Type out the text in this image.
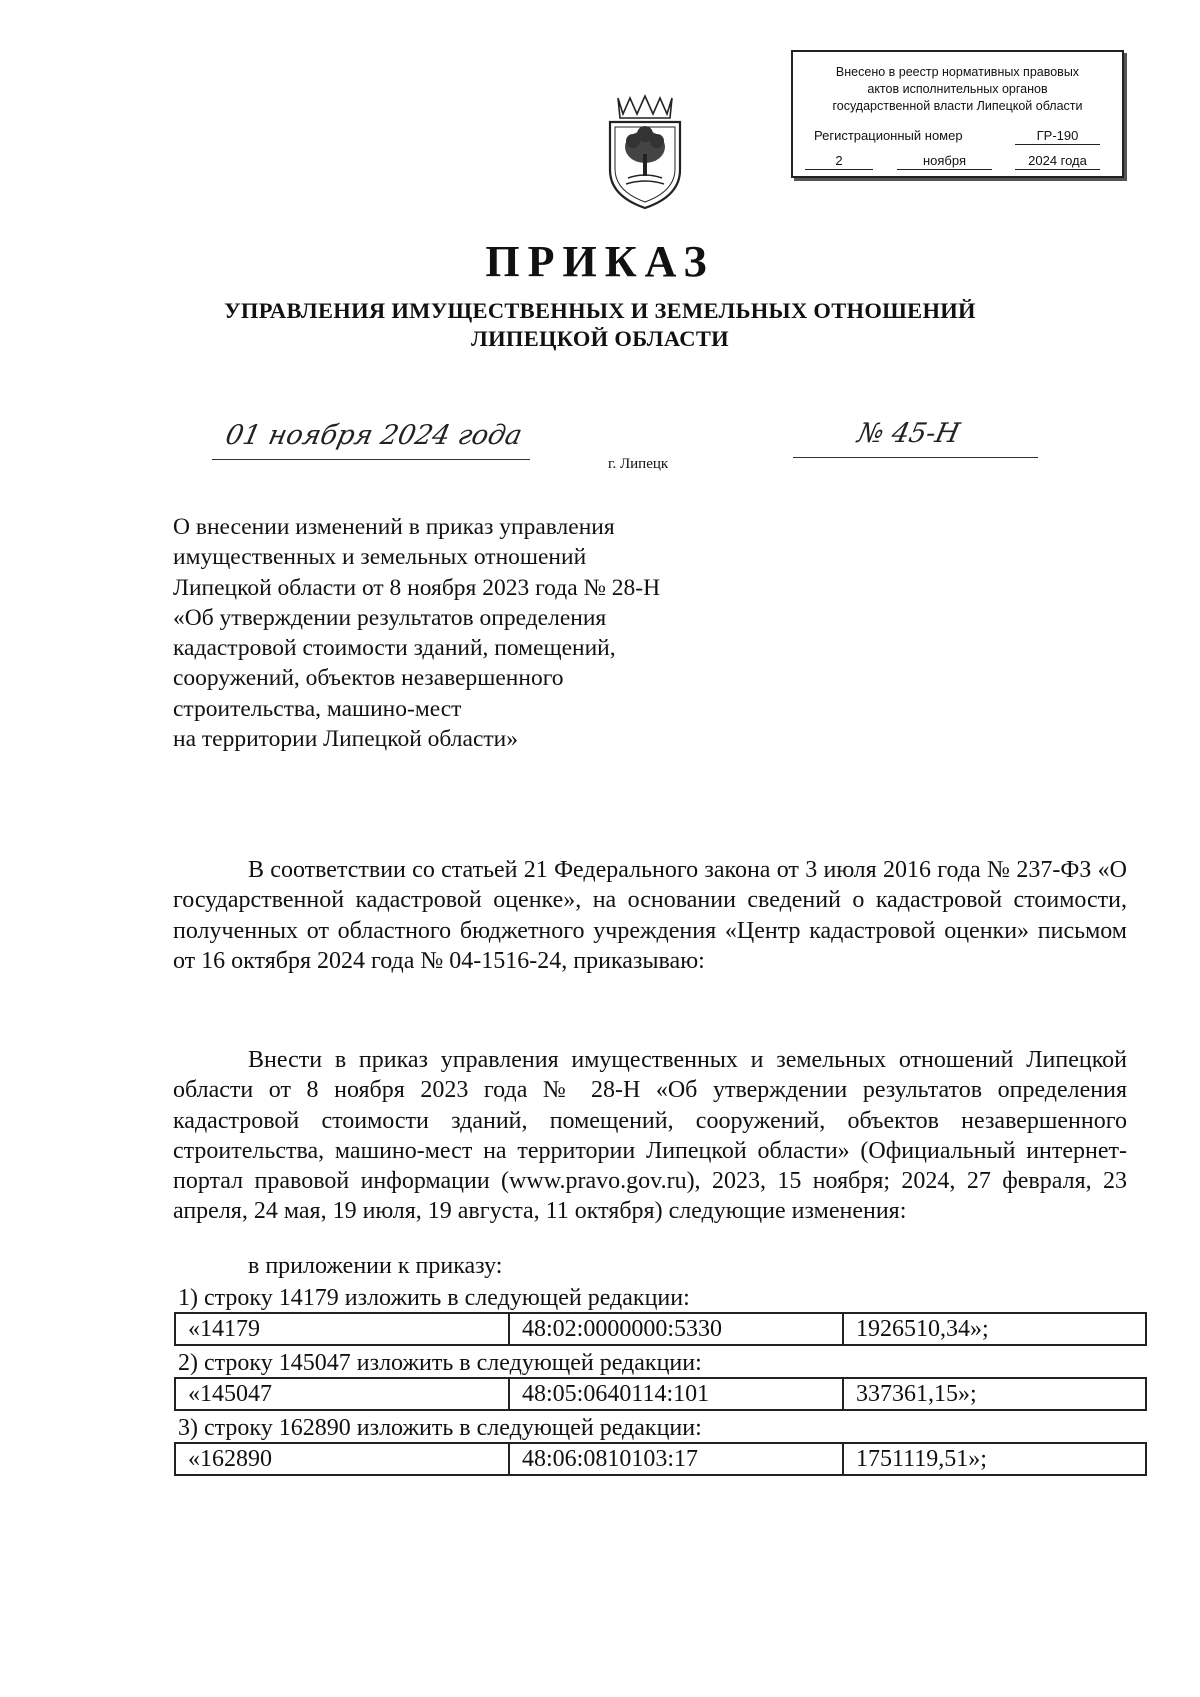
Внесено в реестр нормативных правовых
актов исполнительных органов
государственной власти Липецкой области
Регистрационный номер	ГР-190
2	ноября	2024 года
ПРИКАЗ
УПРАВЛЕНИЯ ИМУЩЕСТВЕННЫХ И ЗЕМЕЛЬНЫХ ОТНОШЕНИЙ
ЛИПЕЦКОЙ ОБЛАСТИ
01 ноября 2024 года	№ 45-Н
г. Липецк
О внесении изменений в приказ управления
имущественных и земельных отношений
Липецкой области от 8 ноября 2023 года № 28-Н
«Об утверждении результатов определения
кадастровой стоимости зданий, помещений,
сооружений, объектов незавершенного
строительства, машино-мест
на территории Липецкой области»
В соответствии со статьей 21 Федерального закона от 3 июля 2016 года № 237-ФЗ «О государственной кадастровой оценке», на основании сведений о кадастровой стоимости, полученных от областного бюджетного учреждения «Центр кадастровой оценки» письмом от 16 октября 2024 года № 04-1516-24, приказываю:
Внести в приказ управления имущественных и земельных отношений Липецкой области от 8 ноября 2023 года № 28-Н «Об утверждении результатов определения кадастровой стоимости зданий, помещений, сооружений, объектов незавершенного строительства, машино-мест на территории Липецкой области» (Официальный интернет-портал правовой информации (www.pravo.gov.ru), 2023, 15 ноября; 2024, 27 февраля, 23 апреля, 24 мая, 19 июля, 19 августа, 11 октября) следующие изменения:
в приложении к приказу:
1) строку 14179 изложить в следующей редакции:
«14179	48:02:0000000:5330	1926510,34»;
2) строку 145047 изложить в следующей редакции:
«145047	48:05:0640114:101	337361,15»;
3) строку 162890 изложить в следующей редакции:
«162890	48:06:0810103:17	1751119,51»;
